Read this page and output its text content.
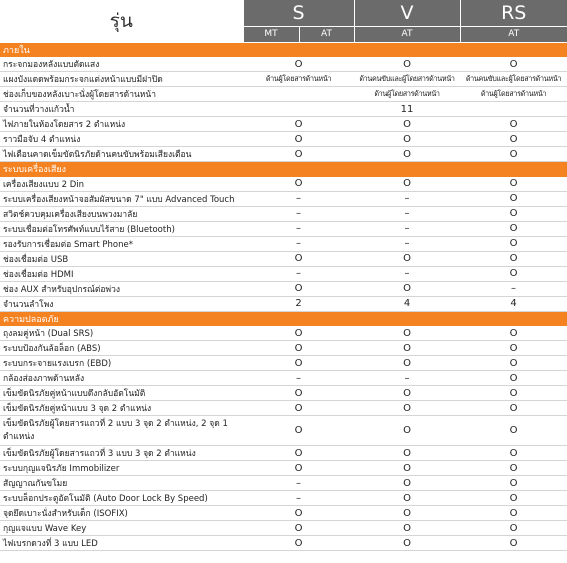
รุ่น	S		V	RS
	MT	AT	AT	AT
ภายใน				
กระจกมองหลังแบบตัดแสง	O		O	O
แผงบังแดดพร้อมกระจกแต่งหน้าแบบมีฝาปิด	ด้านผู้โดยสารด้านหน้า		ด้านคนขับและผู้โดยสารด้านหน้า	ด้านคนขับและผู้โดยสารด้านหน้า
ช่องเก็บของหลังเบาะนั่งผู้โดยสารด้านหน้า			ด้านผู้โดยสารด้านหน้า	ด้านผู้โดยสารด้านหน้า
จำนวนที่วางแก้วน้ำ			11	
ไฟภายในห้องโดยสาร 2 ตำแหน่ง	O		O	O
ราวมือจับ 4 ตำแหน่ง	O		O	O
ไฟเตือนคาดเข็มขัดนิรภัยด้านคนขับพร้อมเสียงเตือน	O		O	O
ระบบเครื่องเสียง				
เครื่องเสียงแบบ 2 Din	O		O	O
ระบบเครื่องเสียงหน้าจอสัมผัสขนาด 7" แบบ Advanced Touch	–		–	O
สวิตช์ควบคุมเครื่องเสียงบนพวงมาลัย	–		–	O
ระบบเชื่อมต่อโทรศัพท์แบบไร้สาย (Bluetooth)	–		–	O
รองรับการเชื่อมต่อ Smart Phone*	–		–	O
ช่องเชื่อมต่อ USB	O		O	O
ช่องเชื่อมต่อ HDMI	–		–	O
ช่อง AUX สำหรับอุปกรณ์ต่อพ่วง	O		O	–
จำนวนลำโพง	2		4	4
ความปลอดภัย				
ถุงลมคู่หน้า (Dual SRS)	O		O	O
ระบบป้องกันล้อล็อก (ABS)	O		O	O
ระบบกระจายแรงเบรก (EBD)	O		O	O
กล้องส่องภาพด้านหลัง	–		–	O
เข็มขัดนิรภัยคู่หน้าแบบดึงกลับอัตโนมัติ	O		O	O
เข็มขัดนิรภัยคู่หน้าแบบ 3 จุด 2 ตำแหน่ง	O		O	O
เข็มขัดนิรภัยผู้โดยสารแถวที่ 2 แบบ 3 จุด 2 ตำแหน่ง, 2 จุด 1 ตำแหน่ง	O		O	O
เข็มขัดนิรภัยผู้โดยสารแถวที่ 3 แบบ 3 จุด 2 ตำแหน่ง	O		O	O
ระบบกุญแจนิรภัย Immobilizer	O		O	O
สัญญาณกันขโมย	–		O	O
ระบบล็อกประตูอัตโนมัติ (Auto Door Lock By Speed)	–		O	O
จุดยึดเบาะนั่งสำหรับเด็ก (ISOFIX)	O		O	O
กุญแจแบบ Wave Key	O		O	O
ไฟเบรกดวงที่ 3 แบบ LED	O		O	O
